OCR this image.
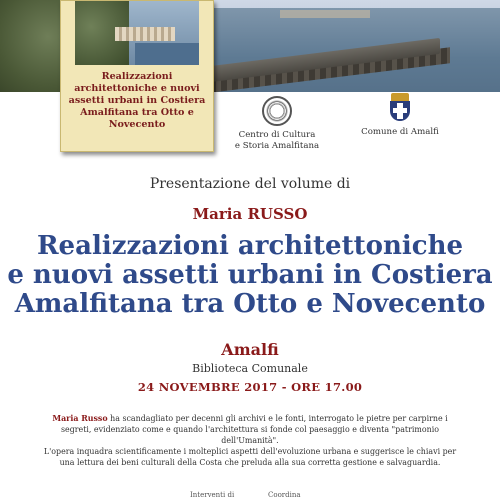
Realizzazioni architettoniche e nuovi assetti urbani in Costiera Amalfitana tra Otto e Novecento
Centro di Cultura
e Storia Amalfitana
Comune di Amalfi
Presentazione del volume di
Maria RUSSO
Realizzazioni architettoniche
e nuovi assetti urbani in Costiera
Amalfitana tra Otto e Novecento
Amalfi
Biblioteca Comunale
24 NOVEMBRE 2017 - ORE 17.00
Maria Russo ha scandagliato per decenni gli archivi e le fonti, interrogato le pietre per carpirne i segreti, evidenziato come e quando l'architettura si fonde col paesaggio e diventa "patrimonio dell'Umanità".
L'opera inquadra scientificamente i molteplici aspetti dell'evoluzione urbana e suggerisce le chiavi per una lettura dei beni culturali della Costa che preluda alla sua corretta gestione e salvaguardia.
Interventi di	Coordina
